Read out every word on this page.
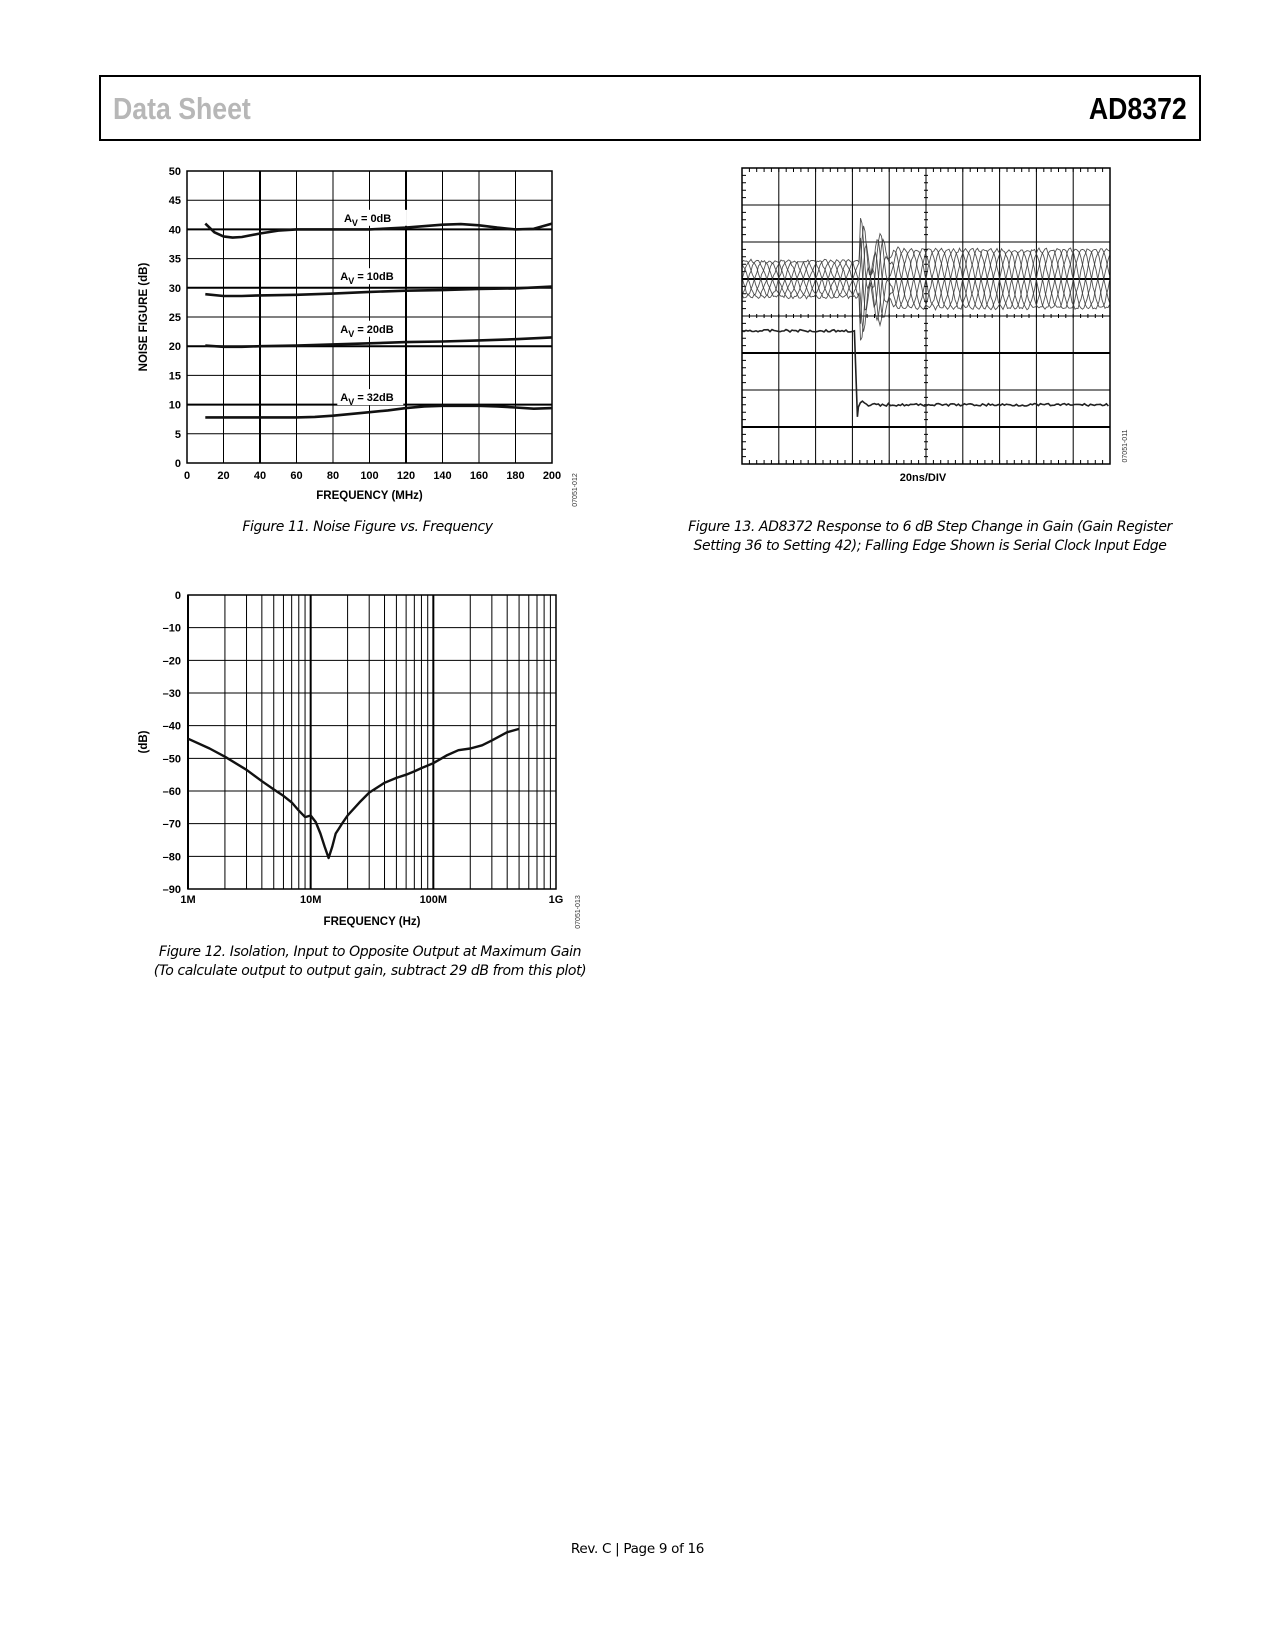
Data Sheet	AD8372
0 20 40 60 80 100 120 140 160 180 200
0
5
10
15
20
25
30
35
40
45
50
FREQUENCY (MHz)
NOISE FIGURE (dB)
07051-012
$A_V = 0dB$
$A_V = 10dB$
$A_V = 20dB$
$A_V = 32dB$
Figure 11. Noise Figure vs. Frequency
1M	10M	100M	1G
0
–10
–20
–30
–40
–50
–60
–70
–80
–90
FREQUENCY (Hz)
(dB)
07051-013
Figure 12. Isolation, Input to Opposite Output at Maximum Gain
(To calculate output to output gain, subtract 29 dB from this plot)
20ns/DIV
07051-011
Figure 13. AD8372 Response to 6 dB Step Change in Gain (Gain Register
Setting 36 to Setting 42); Falling Edge Shown is Serial Clock Input Edge
Rev. C | Page 9 of 16
